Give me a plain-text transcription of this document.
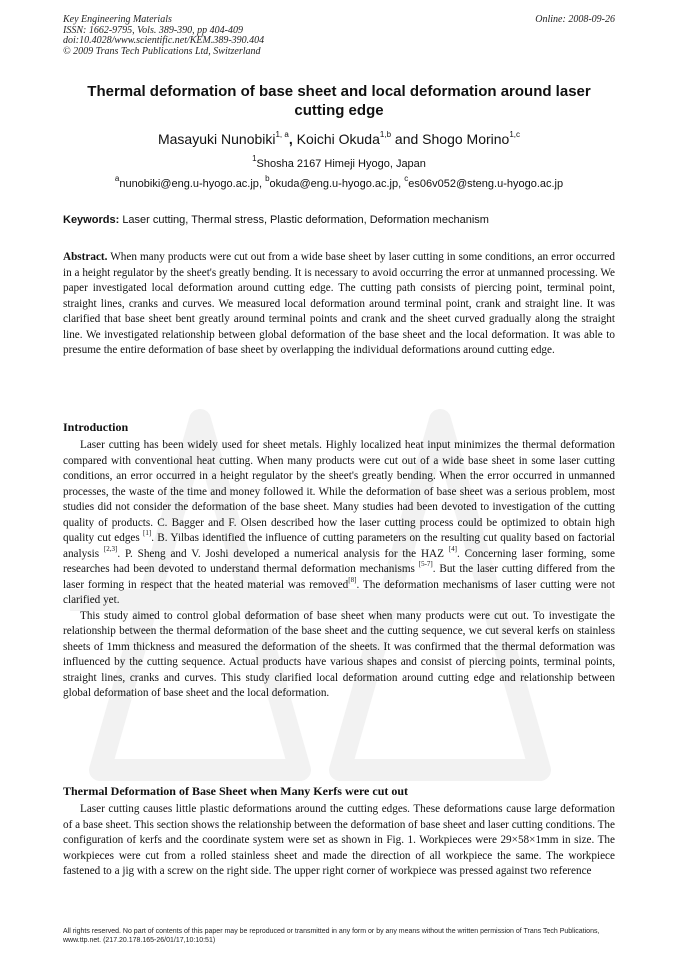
Key Engineering Materials
ISSN: 1662-9795, Vols. 389-390, pp 404-409
doi:10.4028/www.scientific.net/KEM.389-390.404
© 2009 Trans Tech Publications Ltd, Switzerland
Online: 2008-09-26
Thermal deformation of base sheet and local deformation around laser cutting edge
Masayuki Nunobiki$^{1, a}$, Koichi Okuda$^{1,b}$ and Shogo Morino$^{1,c}$
$^1$Shosha 2167 Himeji Hyogo, Japan
$^a$nunobiki@eng.u-hyogo.ac.jp, $^b$okuda@eng.u-hyogo.ac.jp, $^c$es06v052@steng.u-hyogo.ac.jp
Keywords: Laser cutting, Thermal stress, Plastic deformation, Deformation mechanism
Abstract. When many products were cut out from a wide base sheet by laser cutting in some conditions, an error occurred in a height regulator by the sheet's greatly bending. It is necessary to avoid occurring the error at unmanned processing. We paper investigated local deformation around cutting edge. The cutting path consists of piercing point, terminal point, straight lines, cranks and curves. We measured local deformation around terminal point, crank and straight line. It was clarified that base sheet bent greatly around terminal points and crank and the sheet curved gradually along the straight line. We investigated relationship between global deformation of the base sheet and the local deformation. It was able to presume the entire deformation of base sheet by overlapping the individual deformations around cutting edge.
Introduction

Laser cutting has been widely used for sheet metals. Highly localized heat input minimizes the thermal deformation compared with conventional heat cutting. When many products were cut out of a wide base sheet in some laser cutting conditions, an error occurred in a height regulator by the sheet's greatly bending. When the error occurred in unmanned processes, the waste of the time and money followed it. While the deformation of base sheet was a serious problem, most studies did not consider the deformation of the base sheet. Many studies had been devoted to investigation of the cutting quality of products. C. Bagger and F. Olsen described how the laser cutting process could be optimized to obtain high quality cut edges [1]. B. Yilbas identified the influence of cutting parameters on the resulting cut quality based on factorial analysis [2,3]. P. Sheng and V. Joshi developed a numerical analysis for the HAZ [4]. Concerning laser forming, some researches had been devoted to understand thermal deformation mechanisms [5-7]. But the laser cutting differed from the laser forming in respect that the heated material was removed[8]. The deformation mechanisms of laser cutting were not clarified yet.

This study aimed to control global deformation of base sheet when many products were cut out. To investigate the relationship between the thermal deformation of the base sheet and the cutting sequence, we cut several kerfs on stainless sheets of 1mm thickness and measured the deformation of the sheets. It was confirmed that the thermal deformation was influenced by the cutting sequence. Actual products have various shapes and consist of piercing points, terminal points, straight lines, cranks and curves. This study clarified local deformation around cutting edge and relationship between global deformation of base sheet and the local deformation.

Thermal Deformation of Base Sheet when Many Kerfs were cut out

Laser cutting causes little plastic deformations around the cutting edges. These deformations cause large deformation of a base sheet. This section shows the relationship between the deformation of base sheet and laser cutting conditions. The configuration of kerfs and the coordinate system were set as shown in Fig. 1. Workpieces were 29×58×1mm in size. The workpieces were cut from a rolled stainless sheet and made the direction of all workpiece the same. The workpiece fastened to a jig with a screw on the right side. The upper right corner of workpiece was pressed against two reference

All rights reserved. No part of contents of this paper may be reproduced or transmitted in any form or by any means without the written permission of Trans Tech Publications, www.ttp.net. (217.20.178.165-26/01/17,10:10:51)
